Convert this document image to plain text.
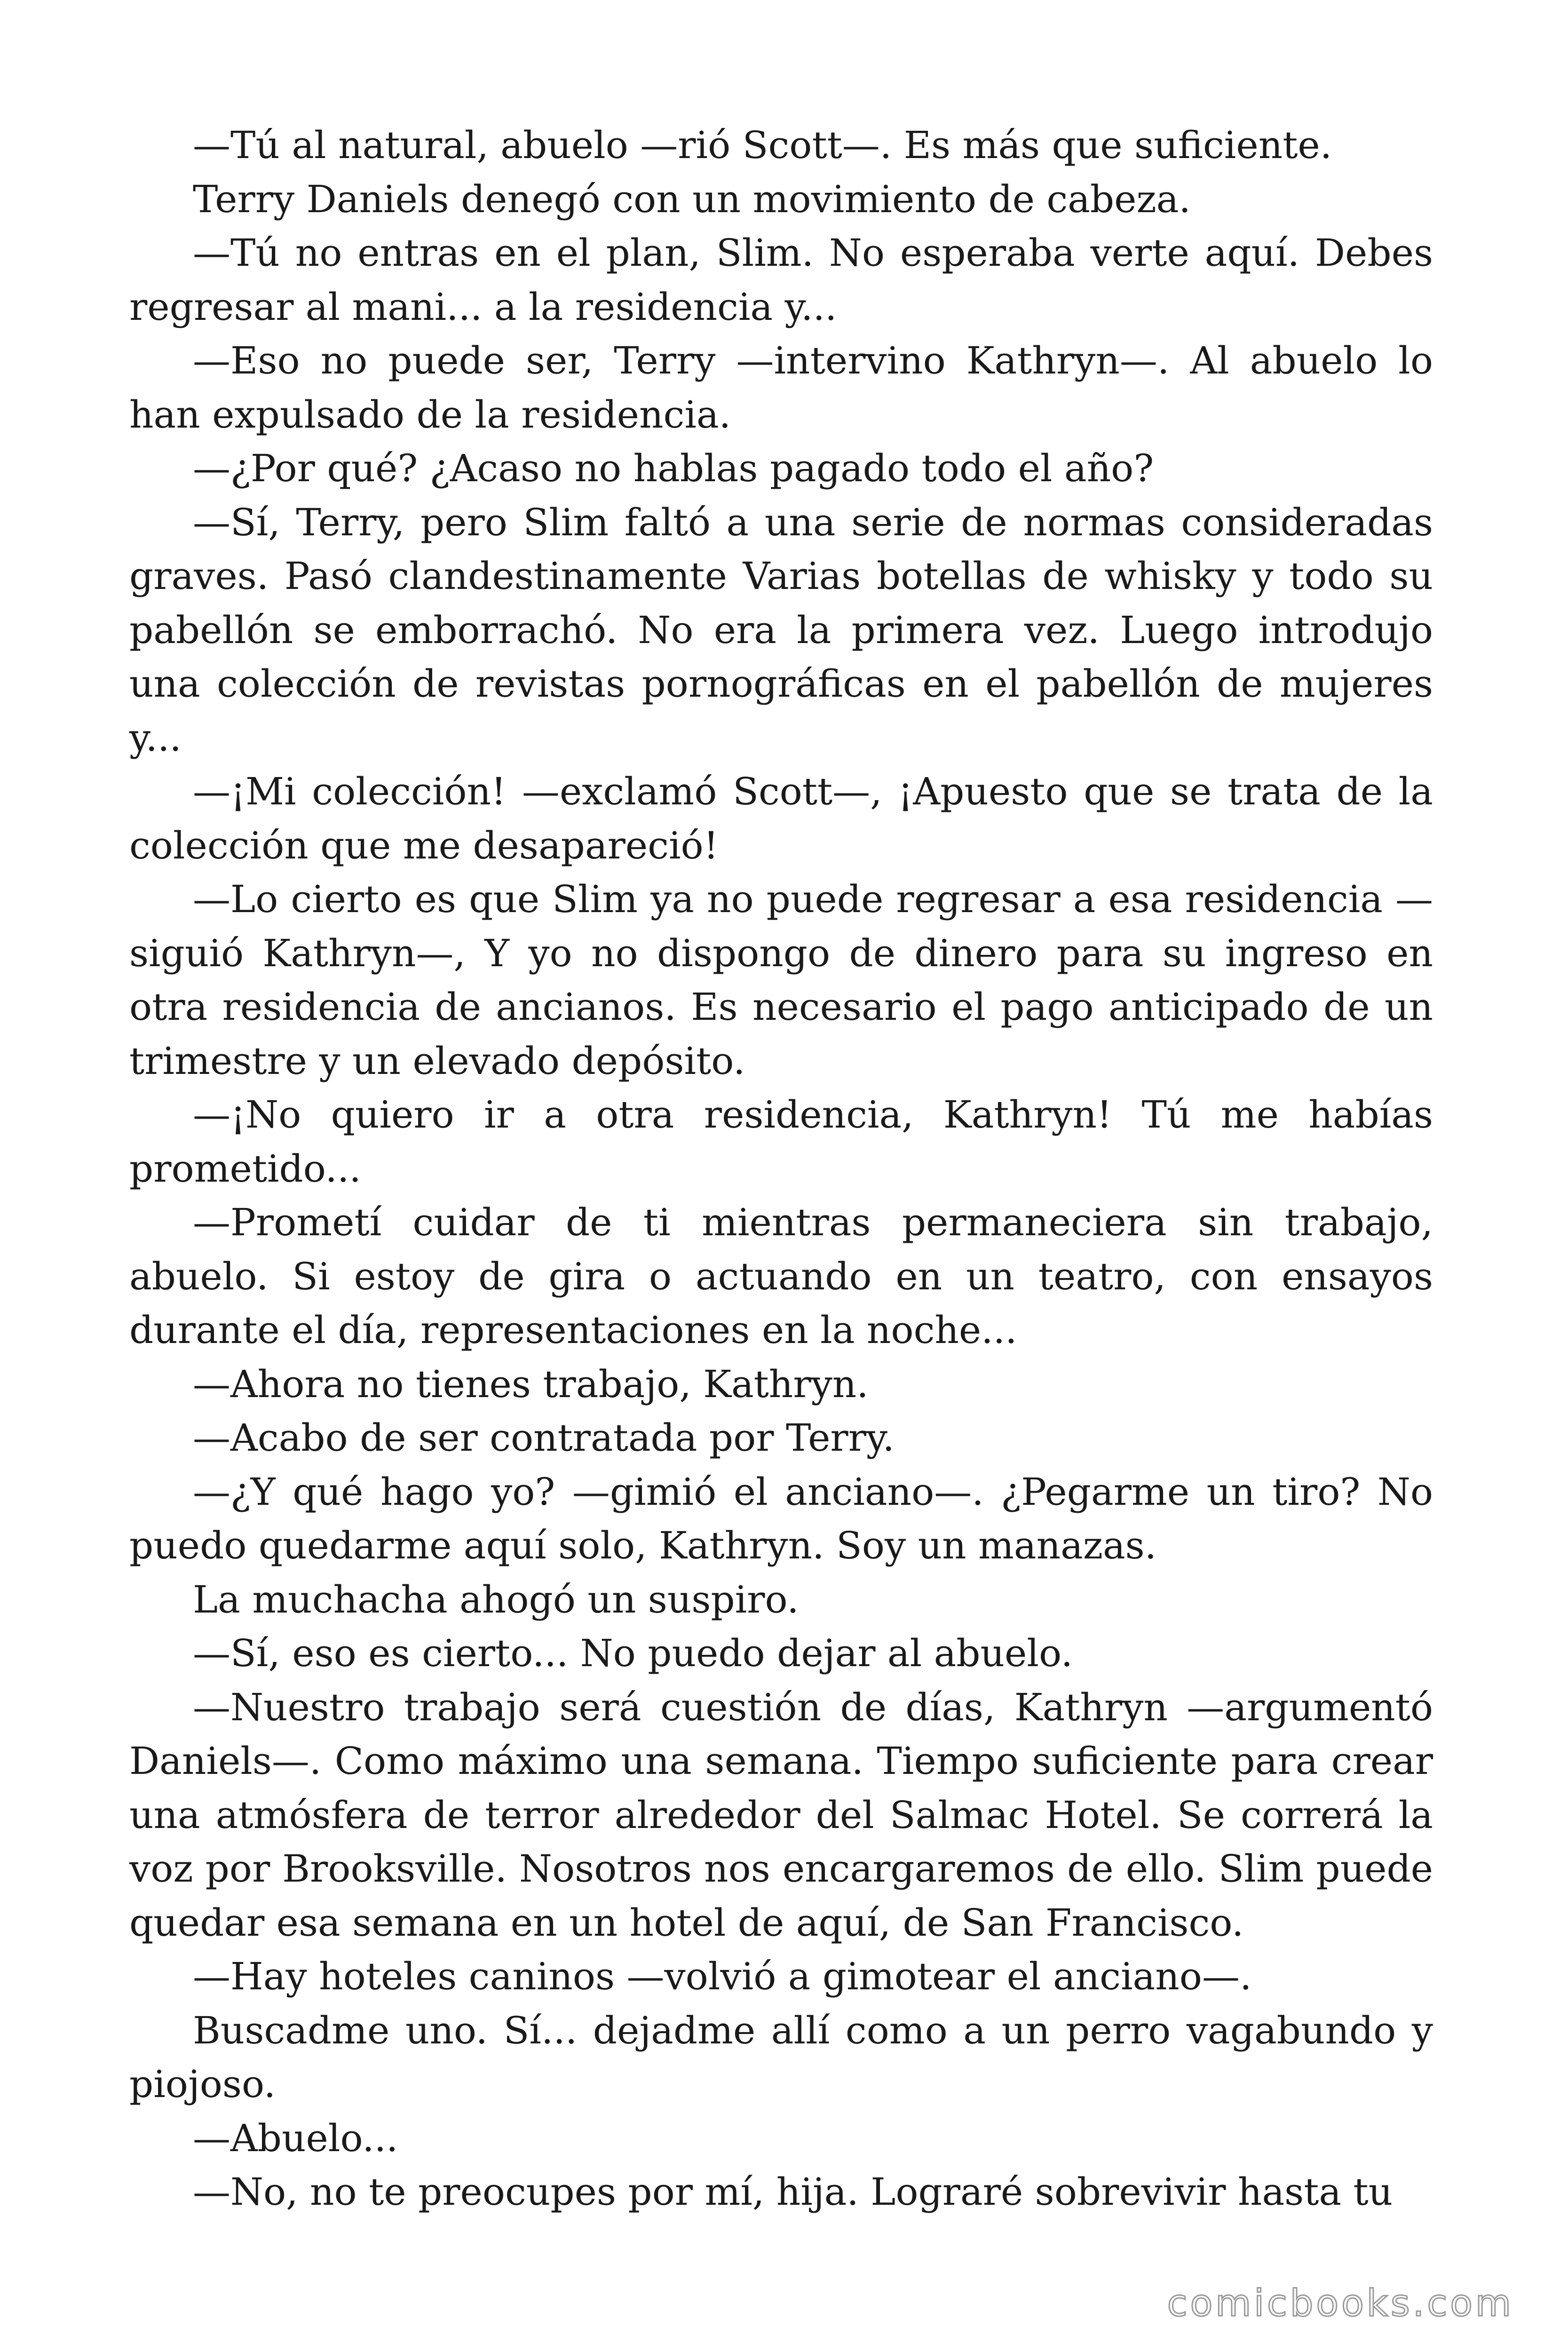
—Tú al natural, abuelo —rió Scott—. Es más que suficiente.

Terry Daniels denegó con un movimiento de cabeza.

—Tú no entras en el plan, Slim. No esperaba verte aquí. Debes regresar al mani... a la residencia y...

—Eso no puede ser, Terry —intervino Kathryn—. Al abuelo lo han expulsado de la residencia.

—¿Por qué? ¿Acaso no hablas pagado todo el año?

—Sí, Terry, pero Slim faltó a una serie de normas consideradas graves. Pasó clandestinamente Varias botellas de whisky y todo su pabellón se emborrachó. No era la primera vez. Luego introdujo una colección de revistas pornográficas en el pabellón de mujeres y...

—¡Mi colección! —exclamó Scott—, ¡Apuesto que se trata de la colección que me desapareció!

—Lo cierto es que Slim ya no puede regresar a esa residencia —siguió Kathryn—, Y yo no dispongo de dinero para su ingreso en otra residencia de ancianos. Es necesario el pago anticipado de un trimestre y un elevado depósito.

—¡No quiero ir a otra residencia, Kathryn! Tú me habías prometido...

—Prometí cuidar de ti mientras permaneciera sin trabajo, abuelo. Si estoy de gira o actuando en un teatro, con ensayos durante el día, representaciones en la noche...

—Ahora no tienes trabajo, Kathryn.

—Acabo de ser contratada por Terry.

—¿Y qué hago yo? —gimió el anciano—. ¿Pegarme un tiro? No puedo quedarme aquí solo, Kathryn. Soy un manazas.

La muchacha ahogó un suspiro.

—Sí, eso es cierto... No puedo dejar al abuelo.

—Nuestro trabajo será cuestión de días, Kathryn —argumentó Daniels—. Como máximo una semana. Tiempo suficiente para crear una atmósfera de terror alrededor del Salmac Hotel. Se correrá la voz por Brooksville. Nosotros nos encargaremos de ello. Slim puede quedar esa semana en un hotel de aquí, de San Francisco.

—Hay hoteles caninos —volvió a gimotear el anciano—.

Buscadme uno. Sí... dejadme allí como a un perro vagabundo y piojoso.

—Abuelo...

—No, no te preocupes por mí, hija. Lograré sobrevivir hasta tu

comicbooks.com
